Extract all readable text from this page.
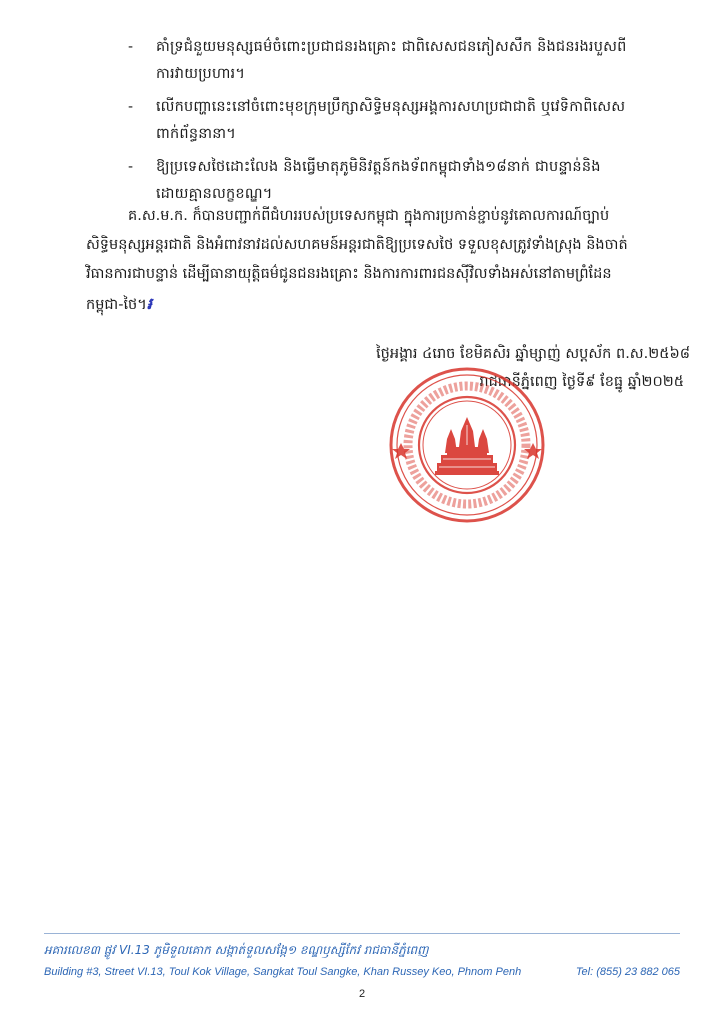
-	គាំទ្រជំនួយមនុស្សធម៌ចំពោះប្រជាជនរងគ្រោះ ជាពិសេសជនភៀសសឹក និងជនរងរបួសពី
ការវាយប្រហារ។
-	លើកបញ្ហានេះនៅចំពោះមុខក្រុមប្រឹក្សាសិទ្ធិមនុស្សអង្គការសហប្រជាជាតិ ឬវេទិកាពិសេស
ពាក់ព័ន្ធនានា។
-	ឱ្យប្រទេសថៃដោះលែង និងធ្វើមាតុភូមិនិវត្តន៍កងទ័ពកម្ពុជាទាំង១៨នាក់ ជាបន្ទាន់និង
ដោយគ្មានលក្ខខណ្ឌ។
គ.ស.ម.ក. ក៏បានបញ្ជាក់ពីជំហររបស់ប្រទេសកម្ពុជា ក្នុងការប្រកាន់ខ្ជាប់នូវគោលការណ៍ច្បាប់
សិទ្ធិមនុស្សអន្តរជាតិ និងអំពាវនាវដល់សហគមន៍អន្តរជាតិឱ្យប្រទេសថៃ ទទួលខុសត្រូវទាំងស្រុង និងចាត់
វិធានការជាបន្ទាន់ ដើម្បីធានាយុត្តិធម៌ជូនជនរងគ្រោះ និងការការពារជនស៊ីវិលទាំងអស់នៅតាមព្រំដែន
កម្ពុជា-ថៃ។៛
ថ្ងៃអង្គារ ៤រោច ខែមិគសិរ ឆ្នាំម្សាញ់ សប្តស័ក ព.ស.២៥៦៨
រាជធានីភ្នំពេញ ថ្ងៃទី៩ ខែធ្នូ ឆ្នាំ២០២៥
អគារលេខ៣ ផ្លូវ VI.13 ភូមិទួលគោក សង្កាត់ទួលសង្កែ១ ខណ្ឌឫស្សីកែវ រាជធានីភ្នំពេញ
Building #3, Street VI.13, Toul Kok Village, Sangkat Toul Sangke, Khan Russey Keo, Phnom Penh	Tel: (855) 23 882 065
2
